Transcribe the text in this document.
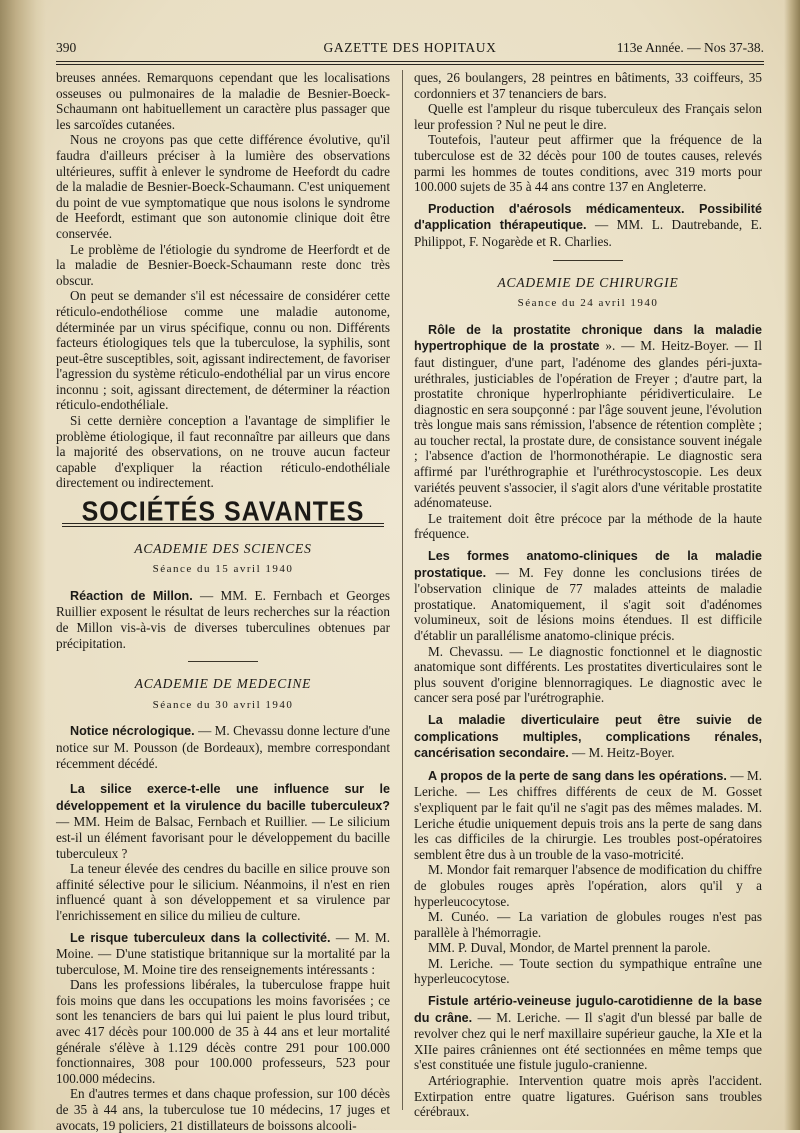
390	GAZETTE DES HOPITAUX	113e Année. — Nos 37-38.

breuses années. Remarquons cependant que les localisations osseuses ou pulmonaires de la maladie de Besnier-Boeck-Schaumann ont habituellement un caractère plus passager que les sarcoïdes cutanées.

Nous ne croyons pas que cette différence évolutive, qu'il faudra d'ailleurs préciser à la lumière des observations ultérieures, suffit à enlever le syndrome de Heefordt du cadre de la maladie de Besnier-Boeck-Schaumann. C'est uniquement du point de vue symptomatique que nous isolons le syndrome de Heefordt, estimant que son autonomie clinique doit être conservée.

Le problème de l'étiologie du syndrome de Heerfordt et de la maladie de Besnier-Boeck-Schaumann reste donc très obscur.

On peut se demander s'il est nécessaire de considérer cette réticulo-endothéliose comme une maladie autonome, déterminée par un virus spécifique, connu ou non. Différents facteurs étiologiques tels que la tuberculose, la syphilis, sont peut-être susceptibles, soit, agissant indirectement, de favoriser l'agression du système réticulo-endothélial par un virus encore inconnu ; soit, agissant directement, de déterminer la réaction réticulo-endothéliale.

Si cette dernière conception a l'avantage de simplifier le problème étiologique, il faut reconnaître par ailleurs que dans la majorité des observations, on ne trouve aucun facteur capable d'expliquer la réaction réticulo-endothéliale directement ou indirectement.

SOCIÉTÉS SAVANTES
ACADEMIE DES SCIENCES
Séance du 15 avril 1940

Réaction de Millon. — MM. E. Fernbach et Georges Ruillier exposent le résultat de leurs recherches sur la réaction de Millon vis-à-vis de diverses tuberculines obtenues par précipitation.

ACADEMIE DE MEDECINE
Séance du 30 avril 1940

Notice nécrologique. — M. Chevassu donne lecture d'une notice sur M. Pousson (de Bordeaux), membre correspondant récemment décédé.

La silice exerce-t-elle une influence sur le développement et la virulence du bacille tuberculeux? — MM. Heim de Balsac, Fernbach et Ruillier. — Le silicium est-il un élément favorisant pour le développement du bacille tuberculeux ?

La teneur élevée des cendres du bacille en silice prouve son affinité sélective pour le silicium. Néanmoins, il n'est en rien influencé quant à son développement et sa virulence par l'enrichissement en silice du milieu de culture.

Le risque tuberculeux dans la collectivité. — M. M. Moine. — D'une statistique britannique sur la mortalité par la tuberculose, M. Moine tire des renseignements intéressants :

Dans les professions libérales, la tuberculose frappe huit fois moins que dans les occupations les moins favorisées ; ce sont les tenanciers de bars qui lui paient le plus lourd tribut, avec 417 décès pour 100.000 de 35 à 44 ans et leur mortalité générale s'élève à 1.129 décès contre 291 pour 100.000 fonctionnaires, 308 pour 100.000 professeurs, 523 pour 100.000 médecins.

En d'autres termes et dans chaque profession, sur 100 décès de 35 à 44 ans, la tuberculose tue 10 médecins, 17 juges et avocats, 19 policiers, 21 distillateurs de boissons alcooli-

ques, 26 boulangers, 28 peintres en bâtiments, 33 coiffeurs, 35 cordonniers et 37 tenanciers de bars.

Quelle est l'ampleur du risque tuberculeux des Français selon leur profession ? Nul ne peut le dire.

Toutefois, l'auteur peut affirmer que la fréquence de la tuberculose est de 32 décès pour 100 de toutes causes, relevés parmi les hommes de toutes conditions, avec 319 morts pour 100.000 sujets de 35 à 44 ans contre 137 en Angleterre.

Production d'aérosols médicamenteux. Possibilité d'application thérapeutique. — MM. L. Dautrebande, E. Philippot, F. Nogarède et R. Charlies.

ACADEMIE DE CHIRURGIE
Séance du 24 avril 1940

Rôle de la prostatite chronique dans la maladie hypertrophique de la prostate ». — M. Heitz-Boyer. — Il faut distinguer, d'une part, l'adénome des glandes péri-juxta-uréthrales, justiciables de l'opération de Freyer ; d'autre part, la prostatite chronique hyperlrophiante péridiverticulaire. Le diagnostic en sera soupçonné : par l'âge souvent jeune, l'évolution très longue mais sans rémission, l'absence de rétention complète ; au toucher rectal, la prostate dure, de consistance souvent inégale ; l'absence d'action de l'hormonothérapie. Le diagnostic sera affirmé par l'uréthrographie et l'uréthrocystoscopie. Les deux variétés peuvent s'associer, il s'agit alors d'une véritable prostatite adénomateuse.

Le traitement doit être précoce par la méthode de la haute fréquence.

Les formes anatomo-cliniques de la maladie prostatique. — M. Fey donne les conclusions tirées de l'observation clinique de 77 malades atteints de maladie prostatique. Anatomiquement, il s'agit soit d'adénomes volumineux, soit de lésions moins étendues. Il est difficile d'établir un parallélisme anatomo-clinique précis.

M. Chevassu. — Le diagnostic fonctionnel et le diagnostic anatomique sont différents. Les prostatites diverticulaires sont le plus souvent d'origine blennorragiques. Le diagnostic avec le cancer sera posé par l'urétrographie.

La maladie diverticulaire peut être suivie de complications multiples, complications rénales, cancérisation secondaire. — M. Heitz-Boyer.

A propos de la perte de sang dans les opérations. — M. Leriche. — Les chiffres différents de ceux de M. Gosset s'expliquent par le fait qu'il ne s'agit pas des mêmes malades. M. Leriche étudie uniquement depuis trois ans la perte de sang dans les cas difficiles de la chirurgie. Les troubles post-opératoires semblent être dus à un trouble de la vaso-motricité.

M. Mondor fait remarquer l'absence de modification du chiffre de globules rouges après l'opération, alors qu'il y a hyperleucocytose.

M. Cunéo. — La variation de globules rouges n'est pas parallèle à l'hémorragie.

MM. P. Duval, Mondor, de Martel prennent la parole.

M. Leriche. — Toute section du sympathique entraîne une hyperleucocytose.

Fistule artério-veineuse jugulo-carotidienne de la base du crâne. — M. Leriche. — Il s'agit d'un blessé par balle de revolver chez qui le nerf maxillaire supérieur gauche, la XIe et la XIIe paires crâniennes ont été sectionnées en même temps que s'est constituée une fistule jugulo-cranienne.

Artériographie. Intervention quatre mois après l'accident. Extirpation entre quatre ligatures. Guérison sans troubles cérébraux.
